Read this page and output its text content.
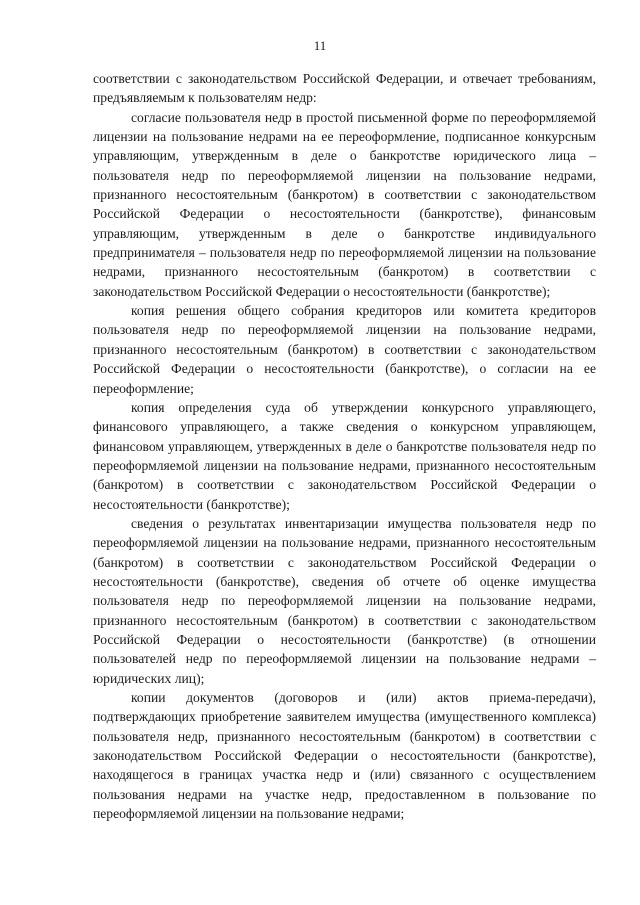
11

соответствии с законодательством Российской Федерации, и отвечает требованиям, предъявляемым к пользователям недр:

согласие пользователя недр в простой письменной форме по переоформляемой лицензии на пользование недрами на ее переоформление, подписанное конкурсным управляющим, утвержденным в деле о банкротстве юридического лица – пользователя недр по переоформляемой лицензии на пользование недрами, признанного несостоятельным (банкротом) в соответствии с законодательством Российской Федерации о несостоятельности (банкротстве), финансовым управляющим, утвержденным в деле о банкротстве индивидуального предпринимателя – пользователя недр по переоформляемой лицензии на пользование недрами, признанного несостоятельным (банкротом) в соответствии с законодательством Российской Федерации о несостоятельности (банкротстве);

копия решения общего собрания кредиторов или комитета кредиторов пользователя недр по переоформляемой лицензии на пользование недрами, признанного несостоятельным (банкротом) в соответствии с законодательством Российской Федерации о несостоятельности (банкротстве), о согласии на ее переоформление;

копия определения суда об утверждении конкурсного управляющего, финансового управляющего, а также сведения о конкурсном управляющем, финансовом управляющем, утвержденных в деле о банкротстве пользователя недр по переоформляемой лицензии на пользование недрами, признанного несостоятельным (банкротом) в соответствии с законодательством Российской Федерации о несостоятельности (банкротстве);

сведения о результатах инвентаризации имущества пользователя недр по переоформляемой лицензии на пользование недрами, признанного несостоятельным (банкротом) в соответствии с законодательством Российской Федерации о несостоятельности (банкротстве), сведения об отчете об оценке имущества пользователя недр по переоформляемой лицензии на пользование недрами, признанного несостоятельным (банкротом) в соответствии с законодательством Российской Федерации о несостоятельности (банкротстве) (в отношении пользователей недр по переоформляемой лицензии на пользование недрами – юридических лиц);

копии документов (договоров и (или) актов приема-передачи), подтверждающих приобретение заявителем имущества (имущественного комплекса) пользователя недр, признанного несостоятельным (банкротом) в соответствии с законодательством Российской Федерации о несостоятельности (банкротстве), находящегося в границах участка недр и (или) связанного с осуществлением пользования недрами на участке недр, предоставленном в пользование по переоформляемой лицензии на пользование недрами;
